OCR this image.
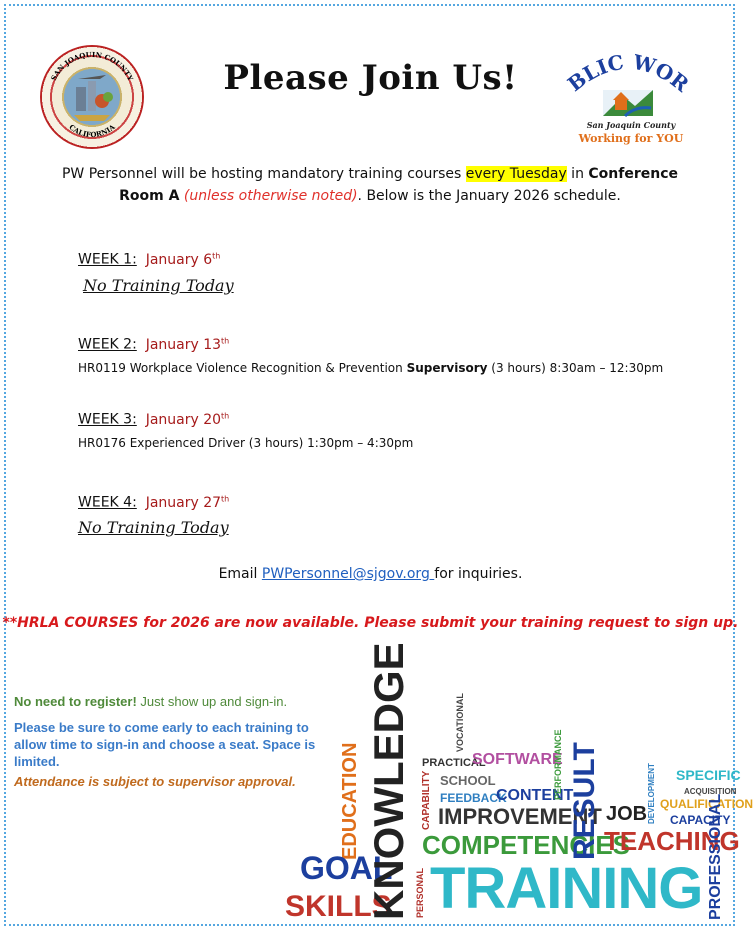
SAN JOAQUIN COUNTY
CALIFORNIA
Please Join Us!	BLIC WOR
San Joaquin County
Working for YOU
PW Personnel will be hosting mandatory training courses every Tuesday in Conference Room A (unless otherwise noted). Below is the January 2026 schedule.
WEEK 1: January 6th
No Training Today
WEEK 2: January 13th
HR0119 Workplace Violence Recognition & Prevention Supervisory (3 hours) 8:30am – 12:30pm
WEEK 3: January 20th
HR0176 Experienced Driver (3 hours) 1:30pm – 4:30pm
WEEK 4: January 27th
No Training Today
Email PWPersonnel@sjgov.org for inquiries.
**HRLA COURSES for 2026 are now available. Please submit your training request to sign up.
No need to register! Just show up and sign-in.
Please be sure to come early to each training to allow time to sign-in and choose a seat. Space is limited.
Attendance is subject to supervisor approval. EDUCATION
GOAL
SKILLS
KNOWLEDGE PERSONAL
CAPABILITY
PRACTICAL
SCHOOL
VOCATIONAL
SOFTWARE
FEEDBACK
CONTENT
PERFORMANCE
IMPROVEMENT
COMPETENCIES
RESULT JOB
TEACHING
DEVELOPMENT SPECIFIC
ACQUISITION
QUALIFICATION
CAPACITY
PROFESSIONAL
TRAINING
